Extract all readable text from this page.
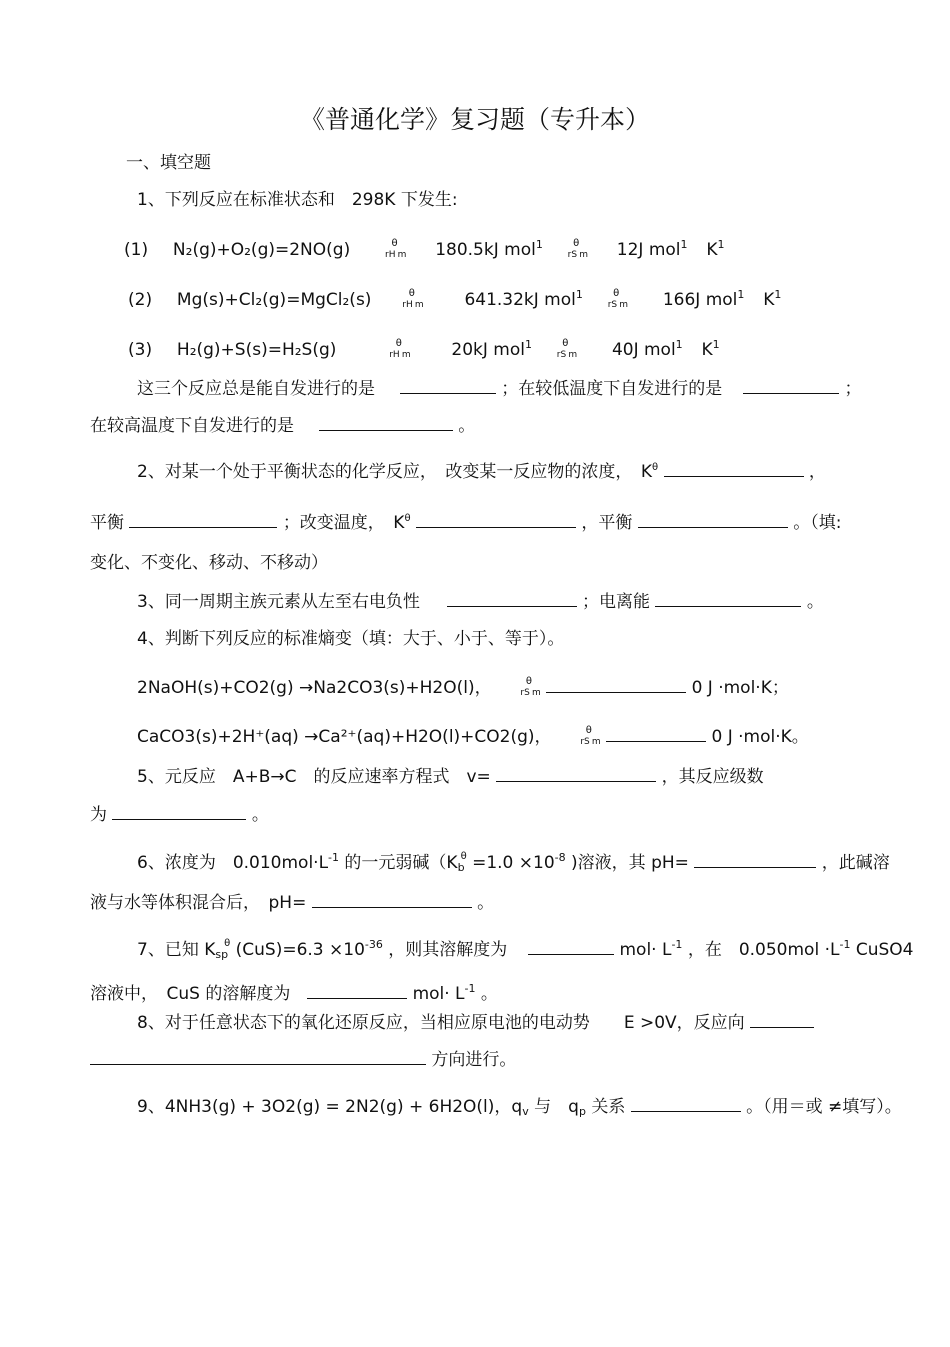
《普通化学》复习题（专升本）
一、填空题
1、下列反应在标准状态和　298K 下发生:
(1) N₂(g)+O₂(g)=2NO(g)	$rH^\theta m$ 180.5kJ mol$^1$  $rS^\theta m$ 12J mol$^1$ $K^1$
(2) Mg(s)+Cl₂(g)=MgCl₂(s)	$rH^\theta m$ 641.32kJ mol$^1$  $rS^\theta m$ 166J mol$^1$ $K^1$
(3) H₂(g)+S(s)=H₂S(g)	$rH^\theta m$ 20kJ mol$^1$  $rS^\theta m$ 40J mol$^1$ $K^1$
这三个反应总是能自发进行的是	；在较低温度下自发进行的是	；
在较高温度下自发进行的是	。
2、对某一个处于平衡状态的化学反应，　改变某一反应物的浓度，　$K^\theta$	，
平衡	；改变温度，　$K^\theta$	，平衡	。（填:
变化、不变化、移动、不移动）
3、同一周期主族元素从左至右电负性	；电离能	。
4、判断下列反应的标准熵变（填：大于、小于、等于）。
2NaOH(s)+CO2(g) →Na2CO3(s)+H2O(l)，	$rS^\theta m$	0 J ·mol·K；
CaCO3(s)+2H⁺(aq) →Ca²⁺(aq)+H2O(l)+CO2(g)，	$rS^\theta m$	0 J ·mol·K。
5、元反应　A+B→C　的反应速率方程式　v=	，其反应级数
为	。
6、浓度为　$0.010mol\cdot L^{-1}$ 的一元弱碱（$K_b^\theta =1.0 \times 10^{-8}$ )溶液，其 pH=	，此碱溶
液与水等体积混合后，　pH=	。
7、已知 $K_{sp}^\theta$ $(CuS)=6.3 \times 10^{-36}$ ，则其溶解度为	$mol\cdot L^{-1}$ ，在　$0.050mol \cdot L^{-1}$ CuSO4
溶液中，　CuS 的溶解度为	$mol\cdot L^{-1}$ 。
8、对于任意状态下的氧化还原反应，当相应原电池的电动势　　E >0V，反应向
方向进行。
9、4NH3(g) + 3O2(g) = 2N2(g) + 6H2O(l)，$q_v$ 与　$q_p$ 关系	。（用＝或 ≠填写）。
